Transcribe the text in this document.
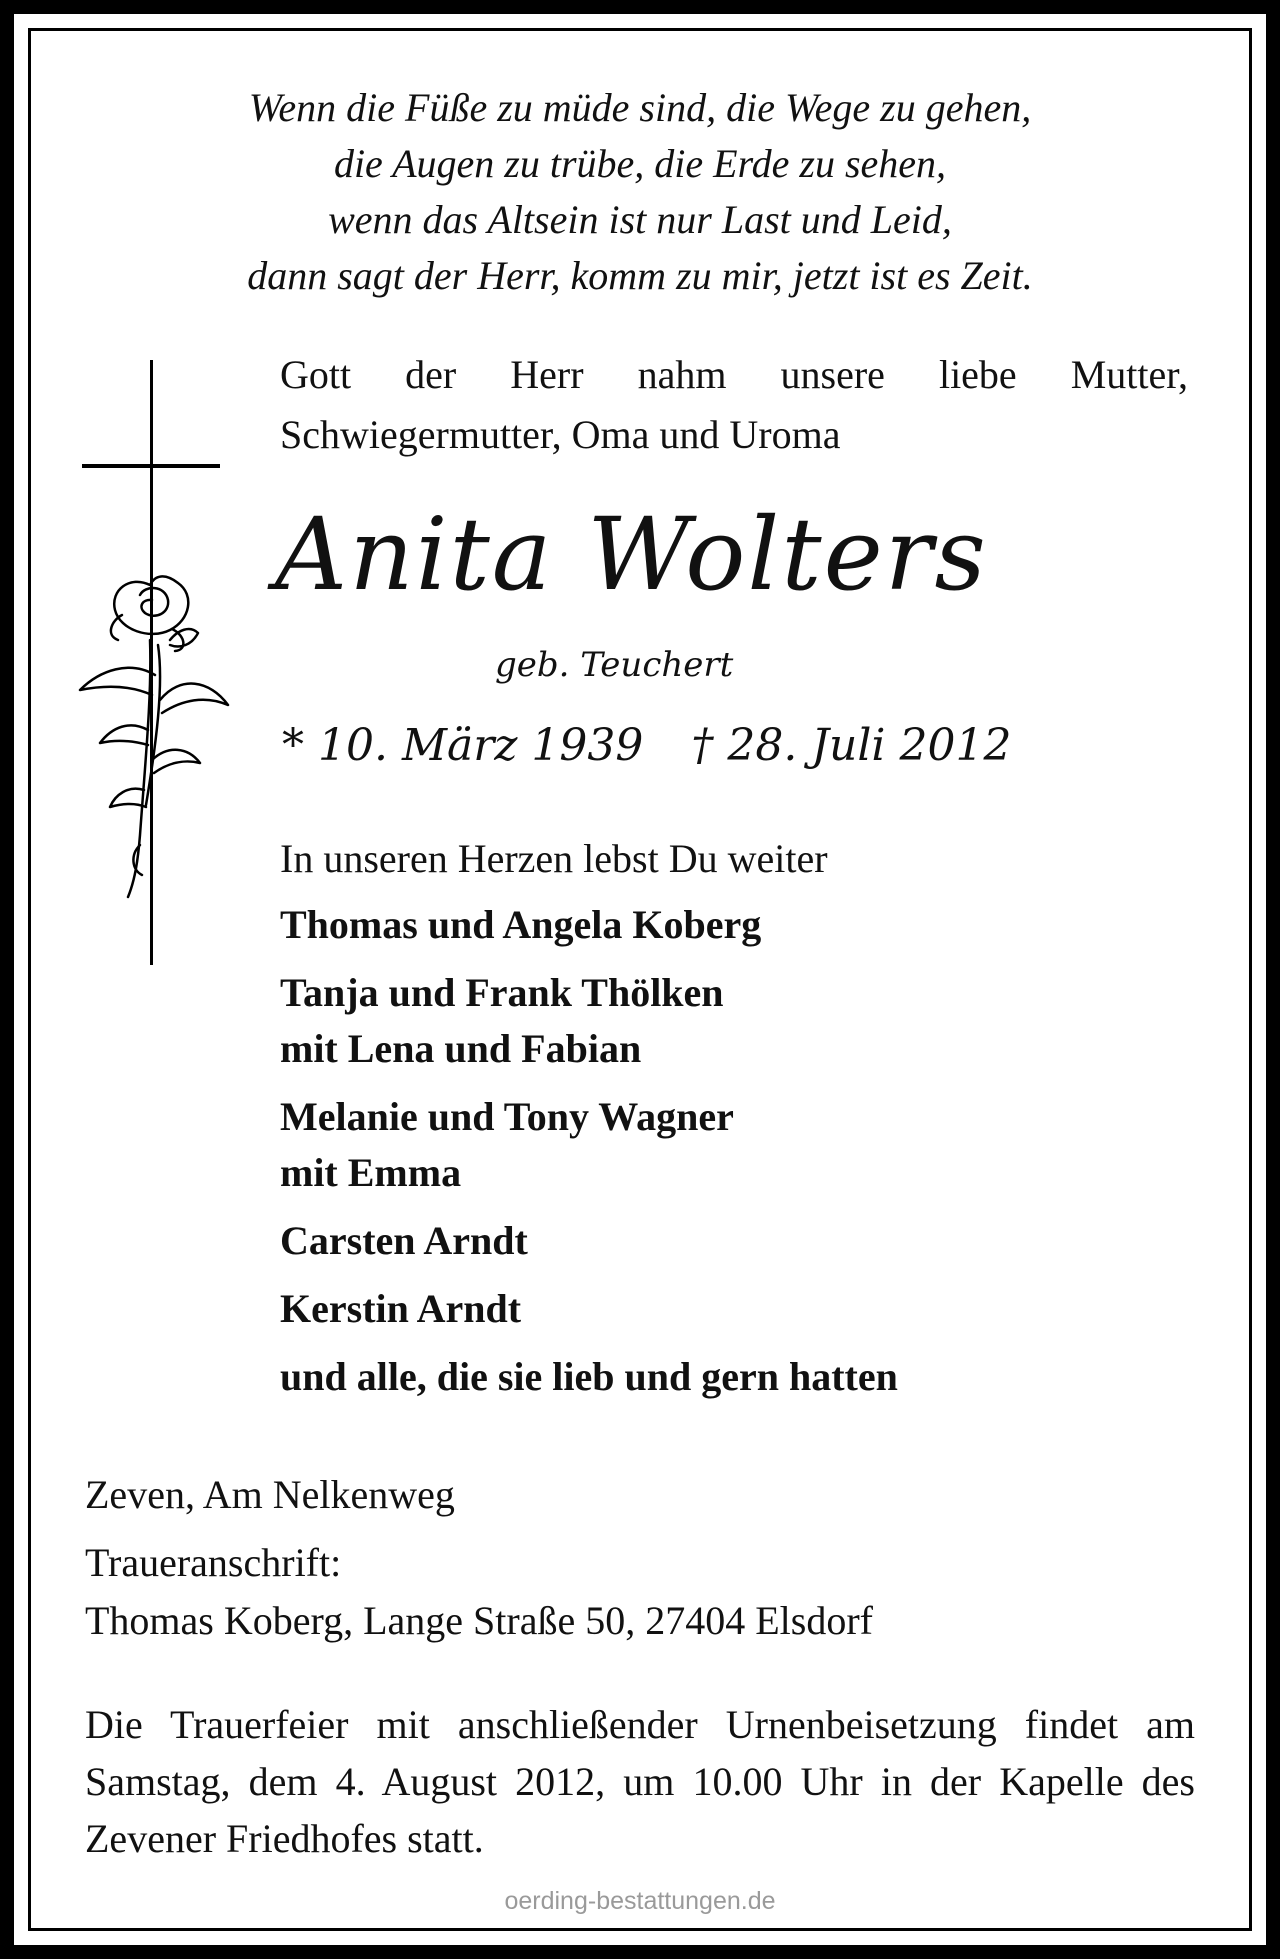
Wenn die Füße zu müde sind, die Wege zu gehen,
die Augen zu trübe, die Erde zu sehen,
wenn das Altsein ist nur Last und Leid,
dann sagt der Herr, komm zu mir, jetzt ist es Zeit.
Gott der Herr nahm unsere liebe Mutter, Schwiegermutter, Oma und Uroma
Anita Wolters
geb. Teuchert
* 10. März 1939 † 28. Juli 2012
In unseren Herzen lebst Du weiter
Thomas und Angela Koberg
Tanja und Frank Thölken
mit Lena und Fabian
Melanie und Tony Wagner
mit Emma
Carsten Arndt
Kerstin Arndt
und alle, die sie lieb und gern hatten
Zeven, Am Nelkenweg
Traueranschrift:
Thomas Koberg, Lange Straße 50, 27404 Elsdorf
Die Trauerfeier mit anschließender Urnenbeisetzung findet am Samstag, dem 4. August 2012, um 10.00 Uhr in der Kapelle des Zevener Friedhofes statt.
oerding-bestattungen.de
